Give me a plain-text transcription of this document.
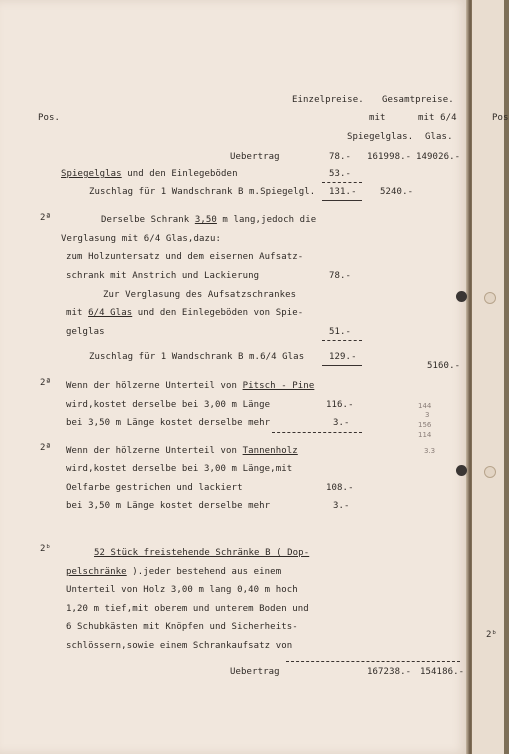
Einzelpreise. Gesamtpreise.
Pos.	mit	mit 6/4
Spiegelglas. Glas.
Pos
Uebertrag	78.- 161998.- 149026.-
Spiegelglas und den Einlegeböden	53.-
Zuschlag für 1 Wandschrank B m.Spiegelgl. 131.-	5240.-
2ª	Derselbe Schrank 3,50 m lang,jedoch die
Verglasung mit 6/4 Glas,dazu:
zum Holzuntersatz und dem eisernen Aufsatz-
schrank mit Anstrich und Lackierung	78.-
Zur Verglasung des Aufsatzschrankes
mit 6/4 Glas und den Einlegeböden von Spie-
gelglas	51.-
Zuschlag für 1 Wandschrank B m.6/4 Glas	129.-
5160.-
2ª Wenn der hölzerne Unterteil von Pitsch - Pine
wird,kostet derselbe bei 3,00 m Länge	116.-
bei 3,50 m Länge kostet derselbe mehr	3.-
2ª Wenn der hölzerne Unterteil von Tannenholz
wird,kostet derselbe bei 3,00 m Länge,mit
Oelfarbe gestrichen und lackiert	108.-
bei 3,50 m Länge kostet derselbe mehr	3.-
2ᵇ	52 Stück freistehende Schränke B ( Dop-
pelschränke ).jeder bestehend aus einem
Unterteil von Holz 3,00 m lang 0,40 m hoch
1,20 m tief,mit oberem und unterem Boden und
6 Schubkästen mit Knöpfen und Sicherheits-
schlössern,sowie einem Schrankaufsatz von
2ᵇ
Uebertrag	167238.- 154186.-
144
3
156
114
3.3
